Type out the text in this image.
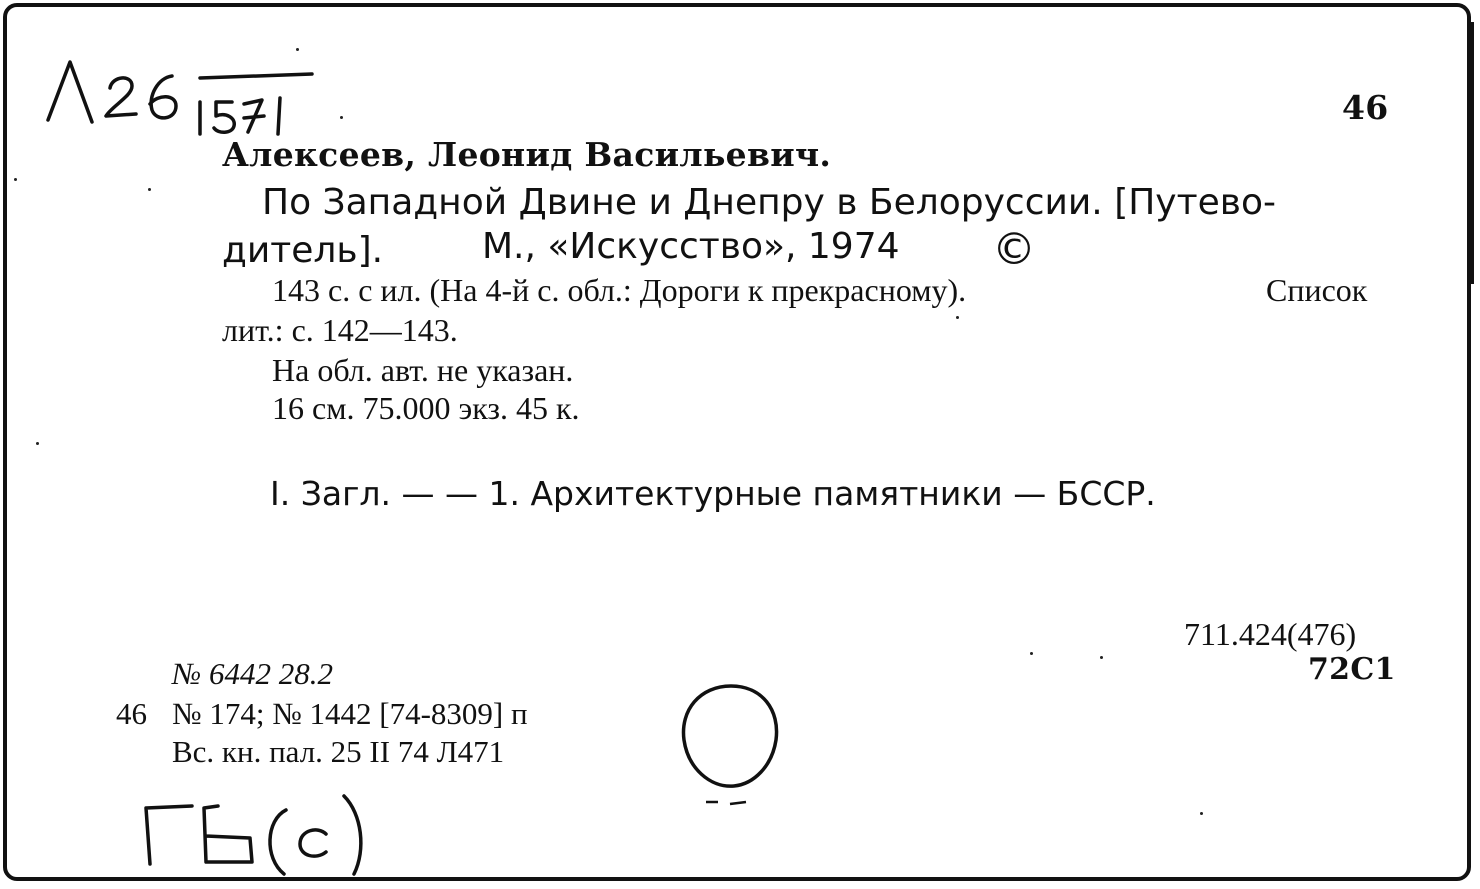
Л26
46
Алексеев, Леонид Васильевич.
По Западной Двине и Днепру в Белоруссии. [Путево-
дитель].	М., «Искусство», 1974 ©
143 с. с ил. (На 4-й с. обл.: Дороги к прекрасному).	Список
лит.: с. 142—143.
На обл. авт. не указан.
16 см. 75.000 экз. 45 к.
I. Загл. — — 1. Архитектурные памятники — БССР.
711.424(476)
72С1
№ 6442 28.2
46 № 174; № 1442 [74-8309] п
Вс. кн. пал. 25 II 74 Л471
